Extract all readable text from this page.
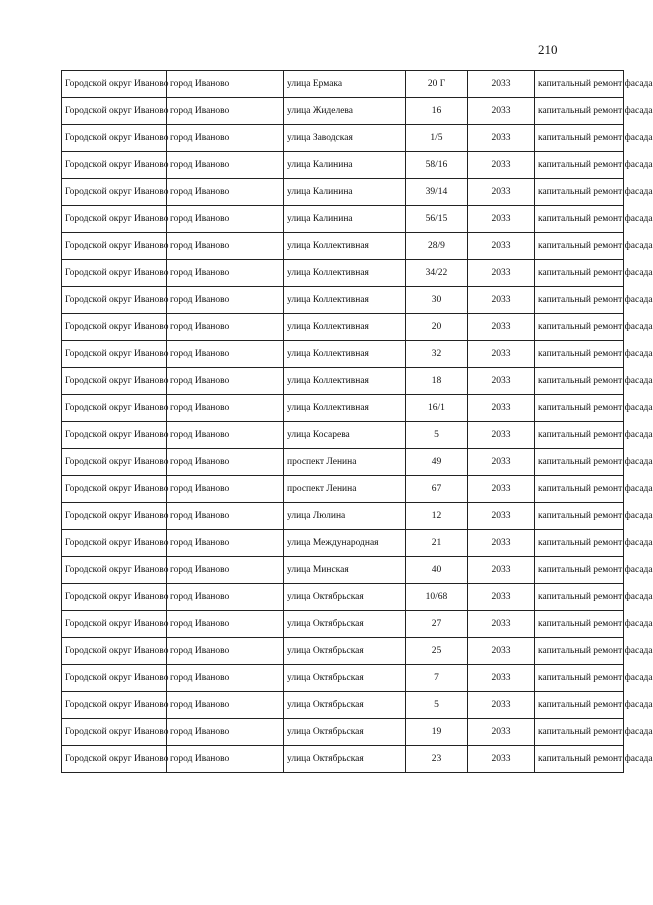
210
Городской округ Иваново	город Иваново	улица Ермака	20 Г	2033	капитальный ремонт фасада
Городской округ Иваново	город Иваново	улица Жиделева	16	2033	капитальный ремонт фасада
Городской округ Иваново	город Иваново	улица Заводская	1/5	2033	капитальный ремонт фасада
Городской округ Иваново	город Иваново	улица Калинина	58/16	2033	капитальный ремонт фасада
Городской округ Иваново	город Иваново	улица Калинина	39/14	2033	капитальный ремонт фасада
Городской округ Иваново	город Иваново	улица Калинина	56/15	2033	капитальный ремонт фасада
Городской округ Иваново	город Иваново	улица Коллективная	28/9	2033	капитальный ремонт фасада
Городской округ Иваново	город Иваново	улица Коллективная	34/22	2033	капитальный ремонт фасада
Городской округ Иваново	город Иваново	улица Коллективная	30	2033	капитальный ремонт фасада
Городской округ Иваново	город Иваново	улица Коллективная	20	2033	капитальный ремонт фасада
Городской округ Иваново	город Иваново	улица Коллективная	32	2033	капитальный ремонт фасада
Городской округ Иваново	город Иваново	улица Коллективная	18	2033	капитальный ремонт фасада
Городской округ Иваново	город Иваново	улица Коллективная	16/1	2033	капитальный ремонт фасада
Городской округ Иваново	город Иваново	улица Косарева	5	2033	капитальный ремонт фасада
Городской округ Иваново	город Иваново	проспект Ленина	49	2033	капитальный ремонт фасада
Городской округ Иваново	город Иваново	проспект Ленина	67	2033	капитальный ремонт фасада
Городской округ Иваново	город Иваново	улица Люлина	12	2033	капитальный ремонт фасада
Городской округ Иваново	город Иваново	улица Международная	21	2033	капитальный ремонт фасада
Городской округ Иваново	город Иваново	улица Минская	40	2033	капитальный ремонт фасада
Городской округ Иваново	город Иваново	улица Октябрьская	10/68	2033	капитальный ремонт фасада
Городской округ Иваново	город Иваново	улица Октябрьская	27	2033	капитальный ремонт фасада
Городской округ Иваново	город Иваново	улица Октябрьская	25	2033	капитальный ремонт фасада
Городской округ Иваново	город Иваново	улица Октябрьская	7	2033	капитальный ремонт фасада
Городской округ Иваново	город Иваново	улица Октябрьская	5	2033	капитальный ремонт фасада
Городской округ Иваново	город Иваново	улица Октябрьская	19	2033	капитальный ремонт фасада
Городской округ Иваново	город Иваново	улица Октябрьская	23	2033	капитальный ремонт фасада
